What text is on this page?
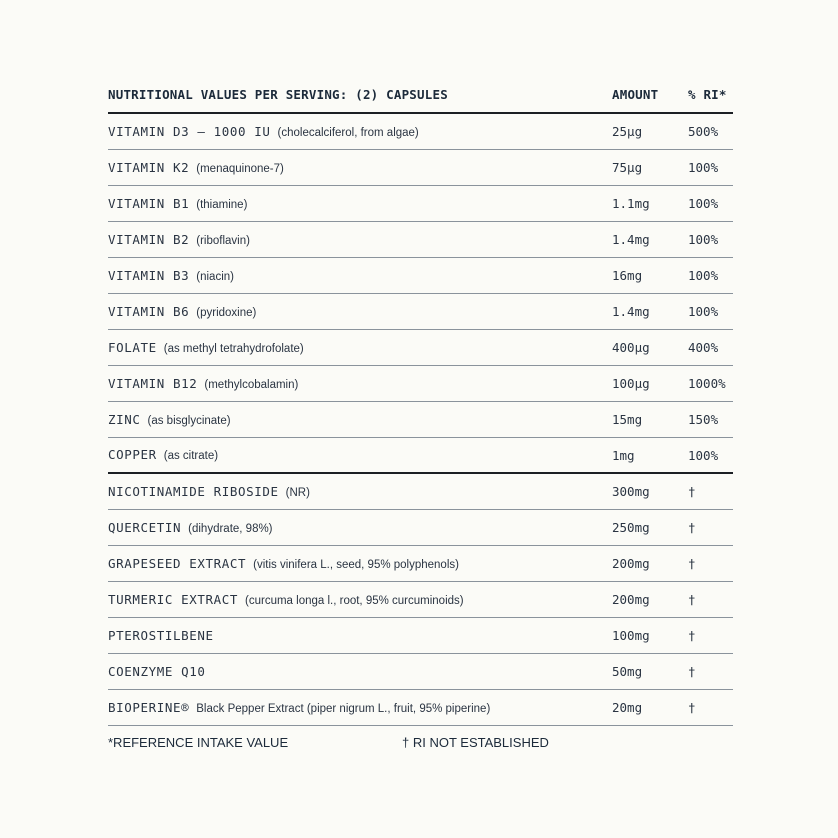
NUTRITIONAL VALUES PER SERVING: (2) CAPSULES	AMOUNT	% RI*
VITAMIN D3 – 1000 IU (cholecalciferol, from algae)	25μg	500%
VITAMIN K2 (menaquinone-7)	75μg	100%
VITAMIN B1 (thiamine)	1.1mg	100%
VITAMIN B2 (riboflavin)	1.4mg	100%
VITAMIN B3 (niacin)	16mg	100%
VITAMIN B6 (pyridoxine)	1.4mg	100%
FOLATE (as methyl tetrahydrofolate)	400μg	400%
VITAMIN B12 (methylcobalamin)	100μg	1000%
ZINC (as bisglycinate)	15mg	150%
COPPER (as citrate)	1mg	100%
NICOTINAMIDE RIBOSIDE (NR)	300mg	†
QUERCETIN (dihydrate, 98%)	250mg	†
GRAPESEED EXTRACT (vitis vinifera L., seed, 95% polyphenols)	200mg	†
TURMERIC EXTRACT (curcuma longa l., root, 95% curcuminoids)	200mg	†
PTEROSTILBENE	100mg	†
COENZYME Q10	50mg	†
BIOPERINE® Black Pepper Extract (piper nigrum L., fruit, 95% piperine)	20mg	†
*REFERENCE INTAKE VALUE	† RI NOT ESTABLISHED
